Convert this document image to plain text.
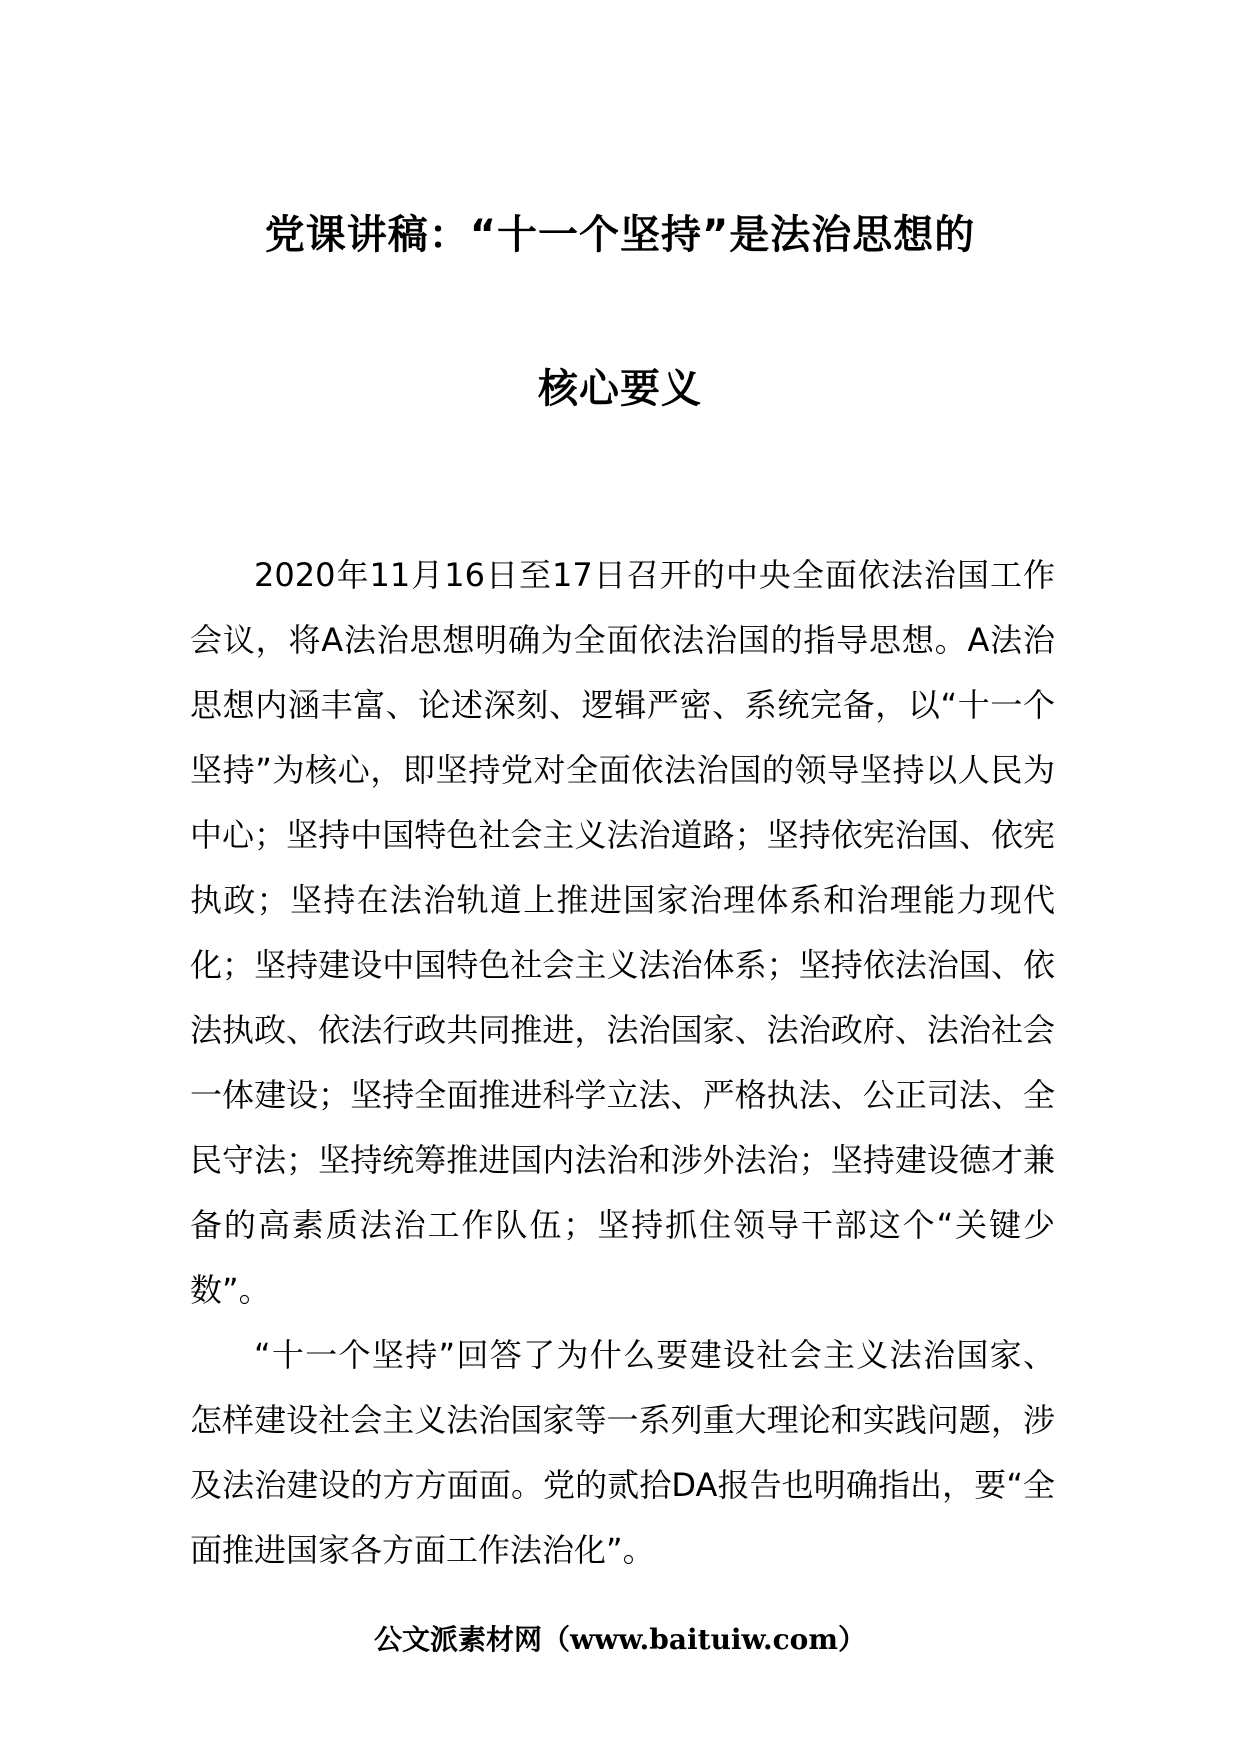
党课讲稿：“十一个坚持”是法治思想的
核心要义

2020年11月16日至17日召开的中央全面依法治国工作会议，将A法治思想明确为全面依法治国的指导思想。A法治思想内涵丰富、论述深刻、逻辑严密、系统完备，以“十一个坚持”为核心，即坚持党对全面依法治国的领导坚持以人民为中心；坚持中国特色社会主义法治道路；坚持依宪治国、依宪执政；坚持在法治轨道上推进国家治理体系和治理能力现代化；坚持建设中国特色社会主义法治体系；坚持依法治国、依法执政、依法行政共同推进，法治国家、法治政府、法治社会一体建设；坚持全面推进科学立法、严格执法、公正司法、全民守法；坚持统筹推进国内法治和涉外法治；坚持建设德才兼备的高素质法治工作队伍；坚持抓住领导干部这个“关键少数”。

“十一个坚持”回答了为什么要建设社会主义法治国家、怎样建设社会主义法治国家等一系列重大理论和实践问题，涉及法治建设的方方面面。党的贰拾DA报告也明确指出，要“全面推进国家各方面工作法治化”。

公文派素材网（www.baituiw.com）
